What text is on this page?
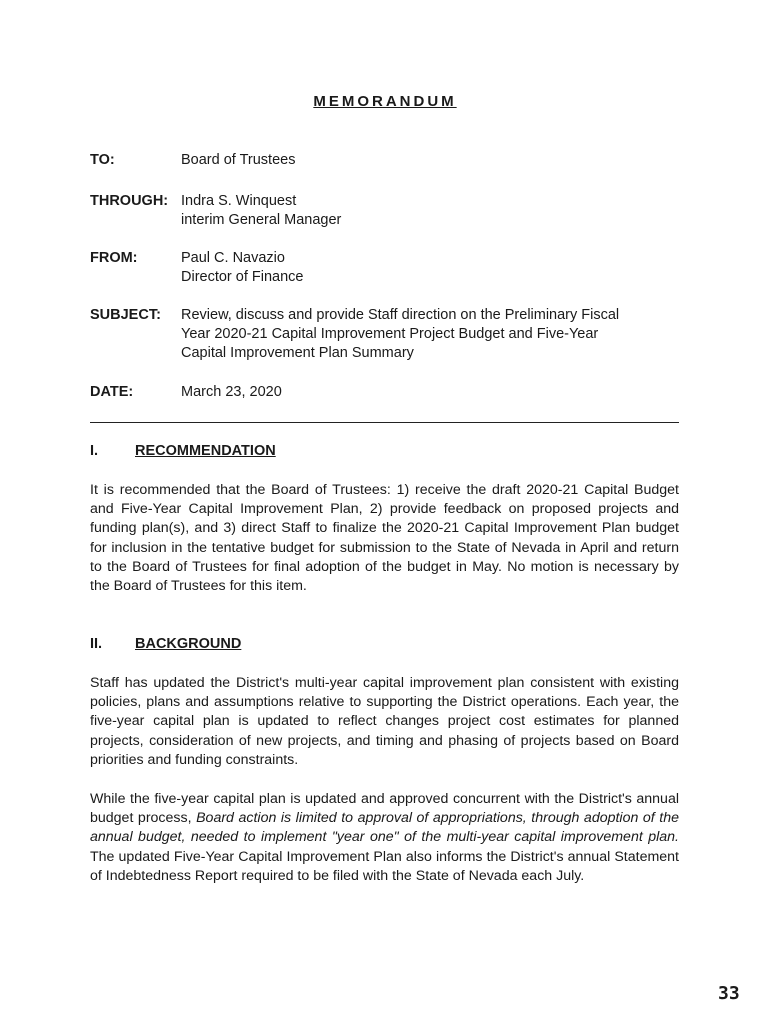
MEMORANDUM
TO:	Board of Trustees
THROUGH: Indra S. Winquest
interim General Manager
FROM:	Paul C. Navazio
Director of Finance
SUBJECT: Review, discuss and provide Staff direction on the Preliminary Fiscal
Year 2020-21 Capital Improvement Project Budget and Five-Year
Capital Improvement Plan Summary
DATE:	March 23, 2020
I.	RECOMMENDATION
It is recommended that the Board of Trustees: 1) receive the draft 2020-21 Capital Budget and Five-Year Capital Improvement Plan, 2) provide feedback on proposed projects and funding plan(s), and 3) direct Staff to finalize the 2020-21 Capital Improvement Plan budget for inclusion in the tentative budget for submission to the State of Nevada in April and return to the Board of Trustees for final adoption of the budget in May. No motion is necessary by the Board of Trustees for this item.
II. BACKGROUND
Staff has updated the District's multi-year capital improvement plan consistent with existing policies, plans and assumptions relative to supporting the District operations. Each year, the five-year capital plan is updated to reflect changes project cost estimates for planned projects, consideration of new projects, and timing and phasing of projects based on Board priorities and funding constraints.
While the five-year capital plan is updated and approved concurrent with the District's annual budget process, Board action is limited to approval of appropriations, through adoption of the annual budget, needed to implement "year one" of the multi-year capital improvement plan. The updated Five-Year Capital Improvement Plan also informs the District's annual Statement of Indebtedness Report required to be filed with the State of Nevada each July.
33
